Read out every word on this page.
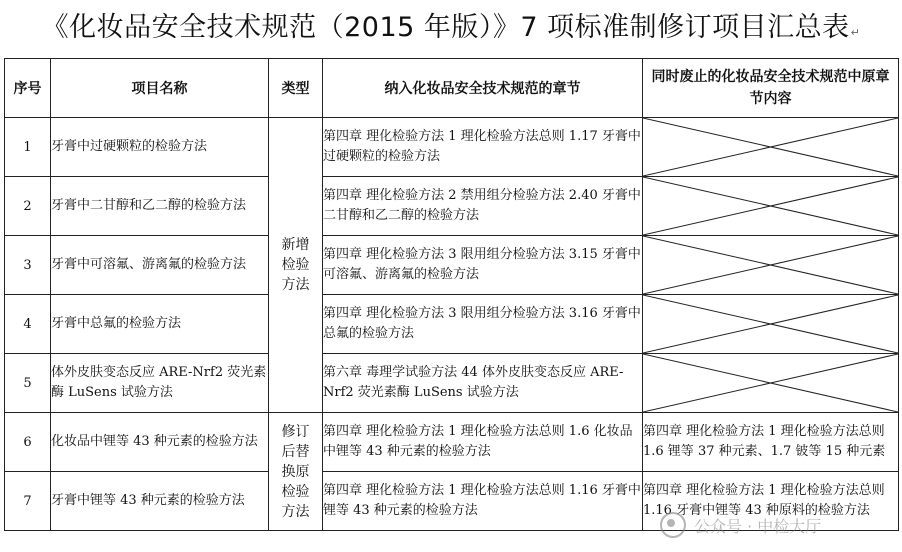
《化妆品安全技术规范（2015 年版）》7 项标准制修订项目汇总表↵
序号	项目名称	类型	纳入化妆品安全技术规范的章节	同时废止的化妆品安全技术规范中原章节内容
1	牙膏中过硬颗粒的检验方法	新增检验方法	第四章 理化检验方法 1 理化检验方法总则 1.17 牙膏中过硬颗粒的检验方法	

2	牙膏中二甘醇和乙二醇的检验方法		第四章 理化检验方法 2 禁用组分检验方法 2.40 牙膏中二甘醇和乙二醇的检验方法	

3	牙膏中可溶氟、游离氟的检验方法		第四章 理化检验方法 3 限用组分检验方法 3.15 牙膏中可溶氟、游离氟的检验方法	

4	牙膏中总氟的检验方法		第四章 理化检验方法 3 限用组分检验方法 3.16 牙膏中总氟的检验方法	

5	体外皮肤变态反应 ARE-Nrf2 荧光素酶 LuSens 试验方法		第六章 毒理学试验方法 44 体外皮肤变态反应 ARE-Nrf2 荧光素酶 LuSens 试验方法	

6	化妆品中锂等 43 种元素的检验方法	修订后替换原检验方法	第四章 理化检验方法 1 理化检验方法总则 1.6 化妆品中锂等 43 种元素的检验方法	第四章 理化检验方法 1 理化检验方法总则 1.6 锂等 37 种元素、1.7 铍等 15 种元素
7	牙膏中锂等 43 种元素的检验方法		第四章 理化检验方法 1 理化检验方法总则 1.16 牙膏中锂等 43 种元素的检验方法	第四章 理化检验方法 1 理化检验方法总则 1.16 牙膏中锂等 43 种原料的检验方法
公众号 · 中检大厅
